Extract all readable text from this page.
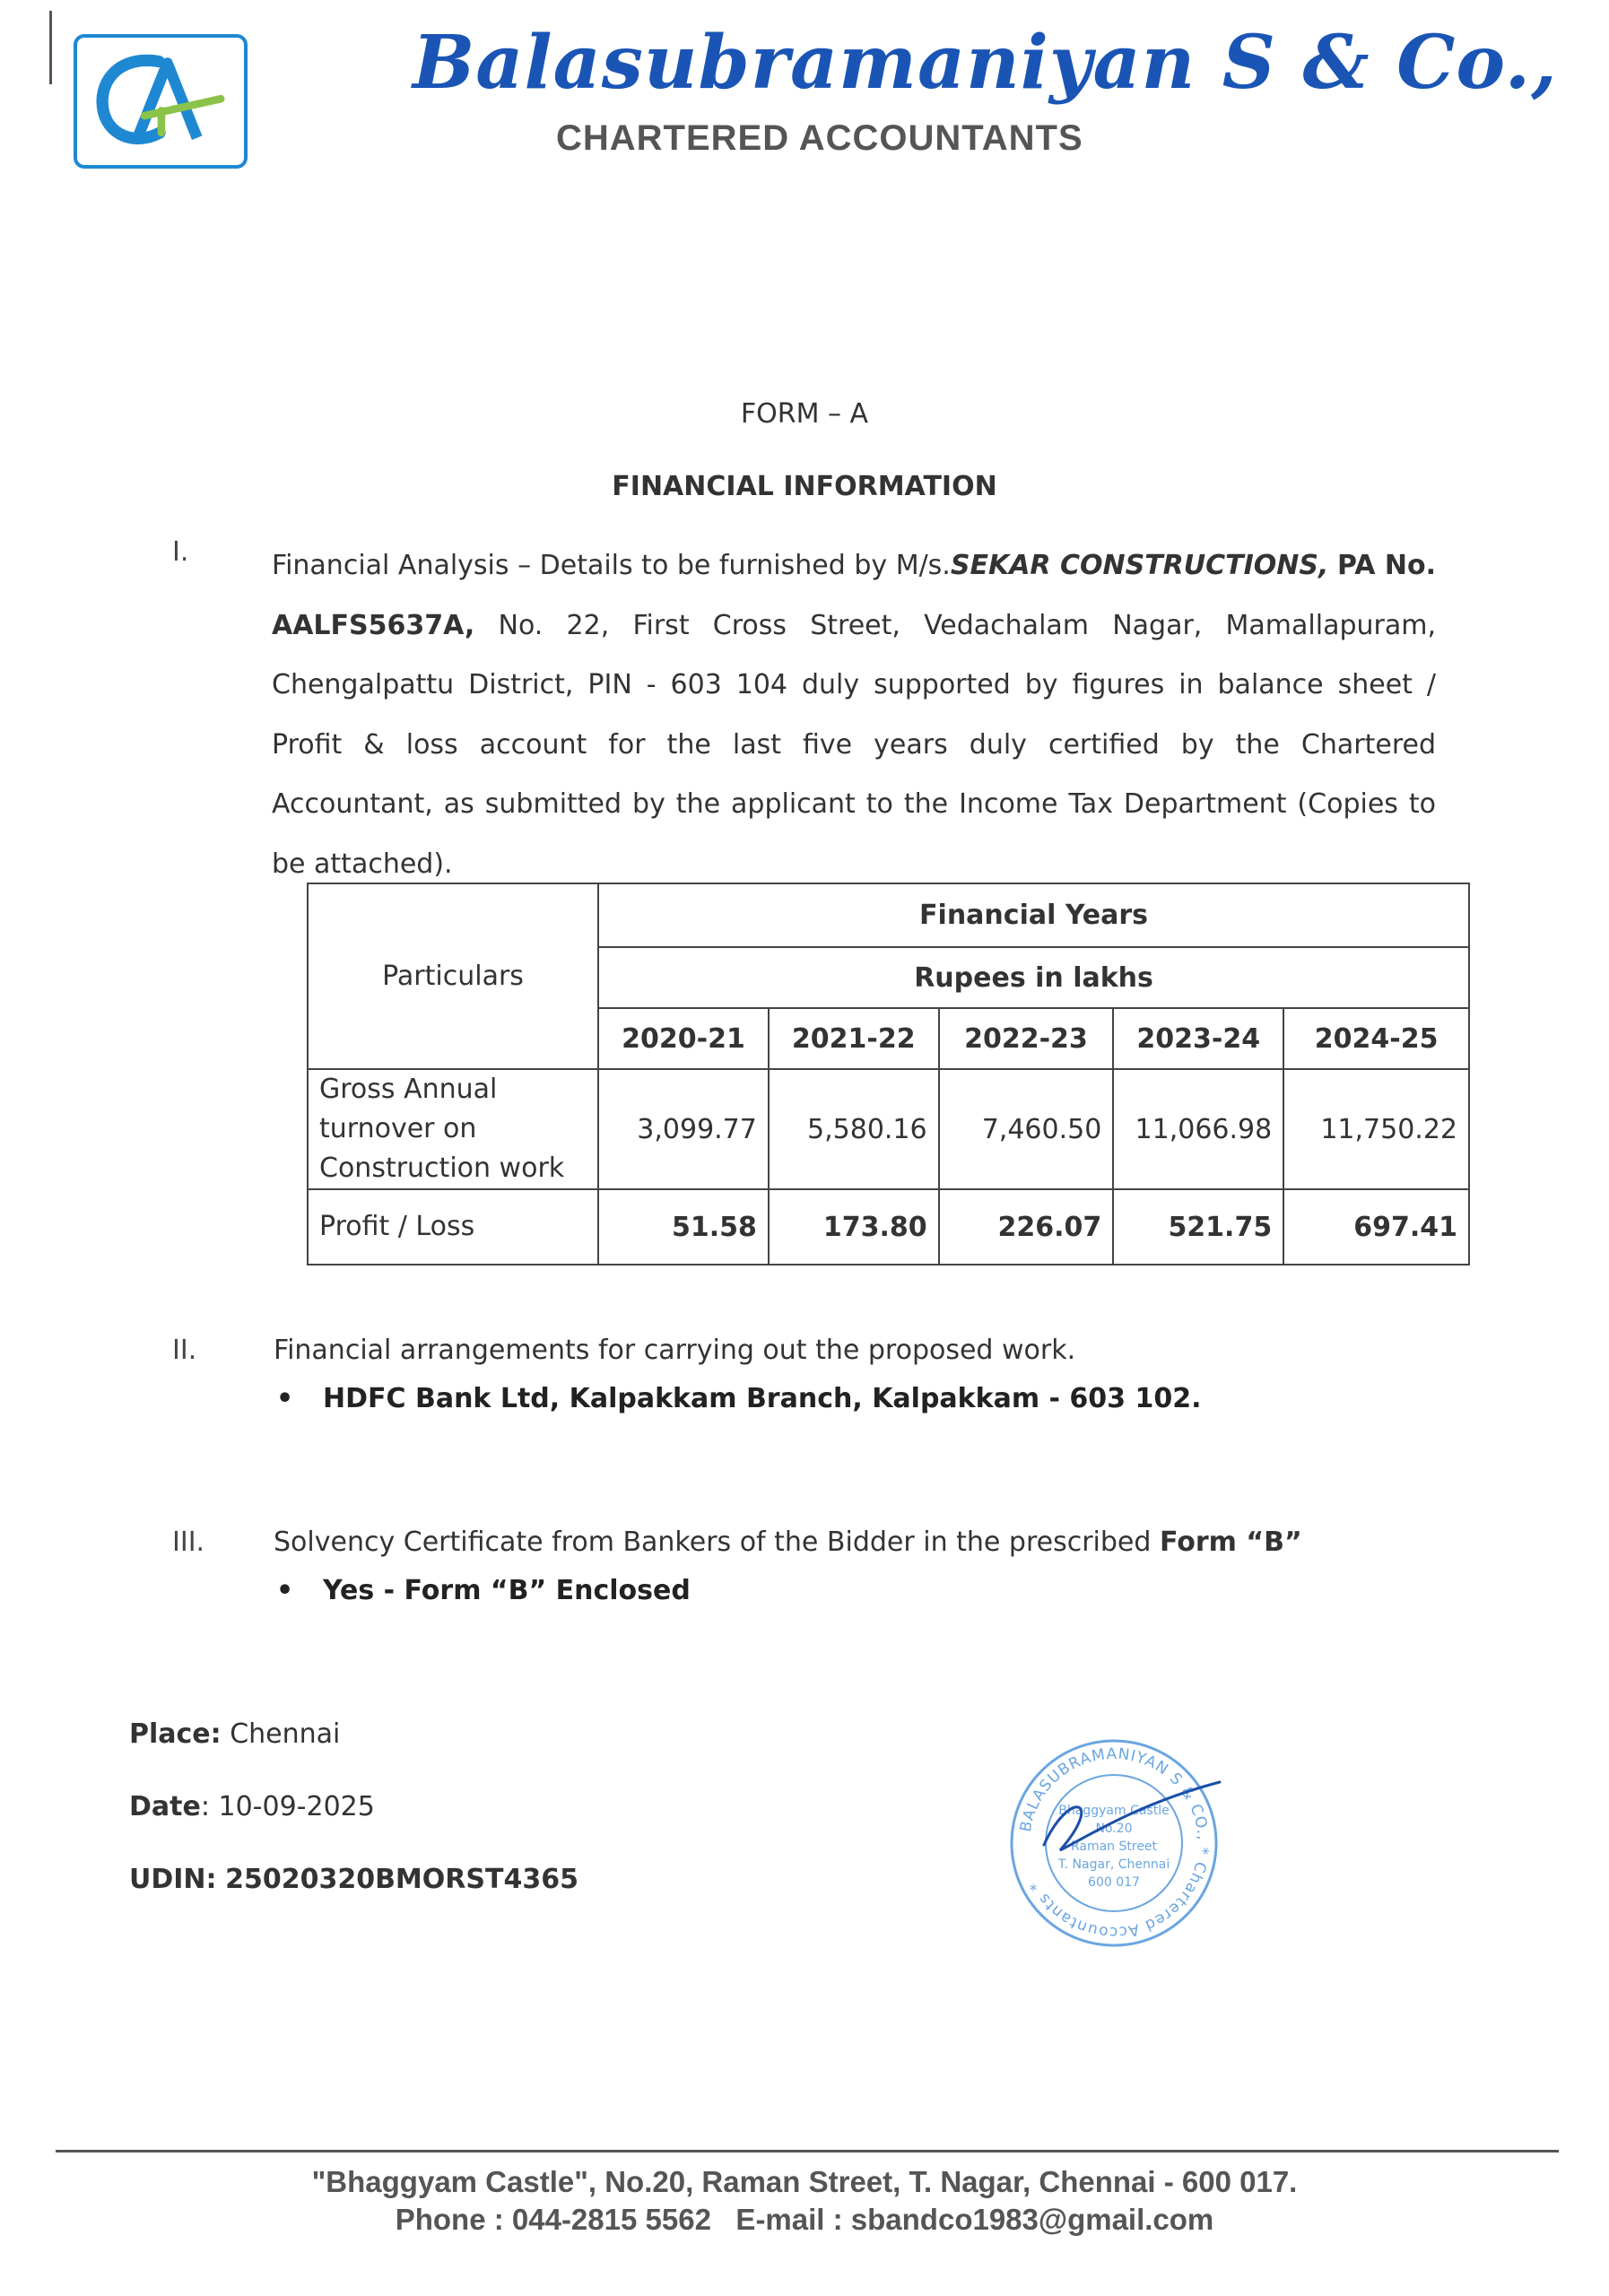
Balasubramaniyan S & Co.,
CHARTERED ACCOUNTANTS
FORM – A
FINANCIAL INFORMATION
I.	Financial Analysis – Details to be furnished by M/s.SEKAR CONSTRUCTIONS, PA No. AALFS5637A, No. 22, First Cross Street, Vedachalam Nagar, Mamallapuram, Chengalpattu District, PIN - 603 104 duly supported by figures in balance sheet / Profit & loss account for the last five years duly certified by the Chartered Accountant, as submitted by the applicant to the Income Tax Department (Copies to be attached).
Particulars	Financial Years				
	Rupees in lakhs				
	2020-21	2021-22	2022-23	2023-24	2024-25
Gross Annual turnover on Construction work	3,099.77	5,580.16	7,460.50	11,066.98	11,750.22
Profit / Loss	51.58	173.80	226.07	521.75	697.41
II.	Financial arrangements for carrying out the proposed work.
• HDFC Bank Ltd, Kalpakkam Branch, Kalpakkam - 603 102.
III.	Solvency Certificate from Bankers of the Bidder in the prescribed Form “B”
• Yes - Form “B” Enclosed
Place: Chennai
Date: 10-09-2025
UDIN: 25020320BMORST4365
BALASUBRAMANIYAN S & CO., * Chartered Accountants *
Bhaggyam Castle
No.20
Raman Street
T. Nagar, Chennai
600 017
"Bhaggyam Castle", No.20, Raman Street, T. Nagar, Chennai - 600 017.
Phone : 044-2815 5562   E-mail : sbandco1983@gmail.com
